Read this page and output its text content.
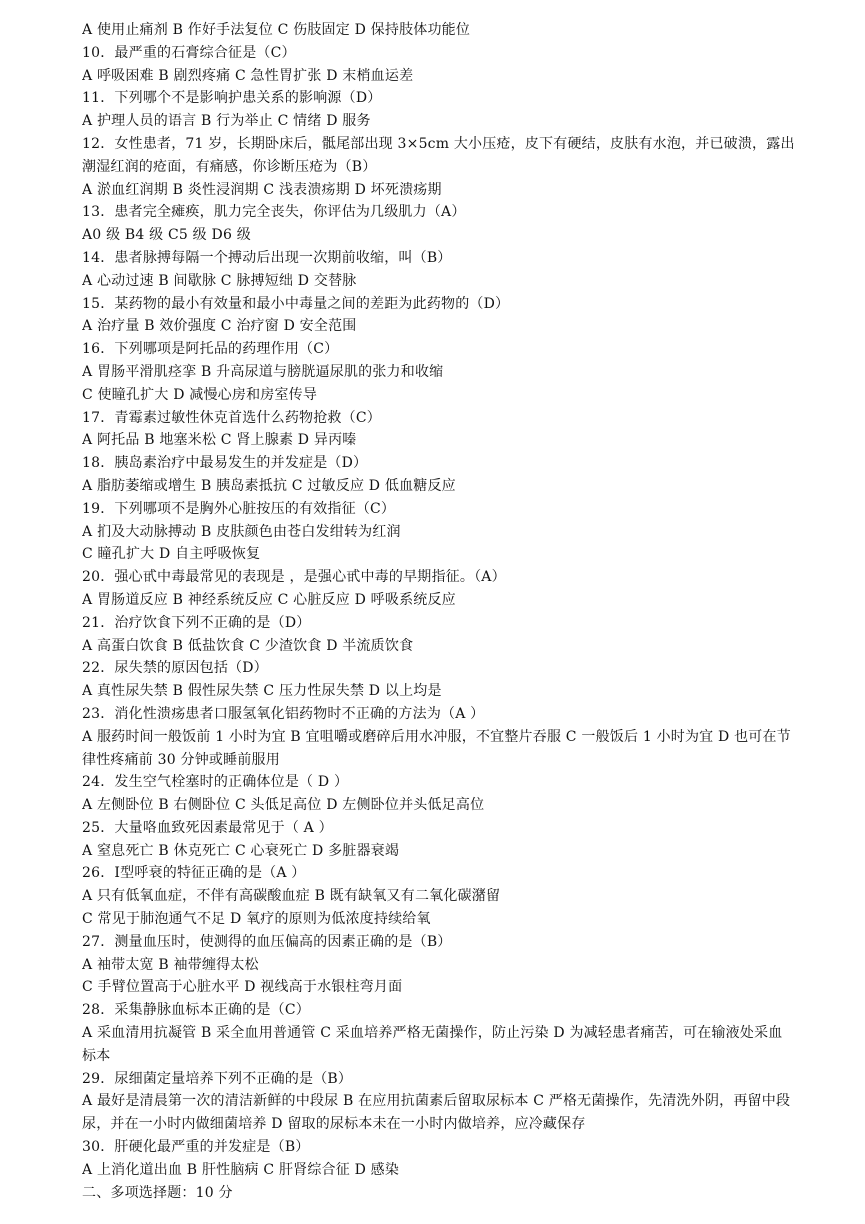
A 使用止痛剂 B 作好手法复位 C 伤肢固定 D 保持肢体功能位
10．最严重的石膏综合征是（C）
A 呼吸困难 B 剧烈疼痛 C 急性胃扩张 D 末梢血运差
11．下列哪个不是影响护患关系的影响源（D）
A 护理人员的语言 B 行为举止 C 情绪 D 服务
12．女性患者，71 岁，长期卧床后，骶尾部出现 3×5cm 大小压疮，皮下有硬结，皮肤有水泡，并已破溃，露出潮湿红润的疮面，有痛感，你诊断压疮为（B）
A 淤血红润期 B 炎性浸润期 C 浅表溃疡期 D 坏死溃疡期
13．患者完全瘫痪，肌力完全丧失，你评估为几级肌力（A）
A0 级 B4 级 C5 级 D6 级
14．患者脉搏每隔一个搏动后出现一次期前收缩，叫（B）
A 心动过速 B 间歇脉 C 脉搏短绌 D 交替脉
15．某药物的最小有效量和最小中毒量之间的差距为此药物的（D）
A 治疗量 B 效价强度 C 治疗窗 D 安全范围
16．下列哪项是阿托品的药理作用（C）
A 胃肠平滑肌痉挛 B 升高尿道与膀胱逼尿肌的张力和收缩
C 使瞳孔扩大 D 减慢心房和房室传导
17．青霉素过敏性休克首选什么药物抢救（C）
A 阿托品 B 地塞米松 C 肾上腺素 D 异丙嗪
18．胰岛素治疗中最易发生的并发症是（D）
A 脂肪萎缩或增生 B 胰岛素抵抗 C 过敏反应 D 低血糖反应
19．下列哪项不是胸外心脏按压的有效指征（C）
A 扪及大动脉搏动 B 皮肤颜色由苍白发绀转为红润
C 瞳孔扩大 D 自主呼吸恢复
20．强心甙中毒最常见的表现是 ，是强心甙中毒的早期指征。（A）
A 胃肠道反应 B 神经系统反应 C 心脏反应 D 呼吸系统反应
21．治疗饮食下列不正确的是（D）
A 高蛋白饮食 B 低盐饮食 C 少渣饮食 D 半流质饮食
22．尿失禁的原因包括（D）
A 真性尿失禁 B 假性尿失禁 C 压力性尿失禁 D 以上均是
23．消化性溃疡患者口服氢氧化铝药物时不正确的方法为（A ）
A 服药时间一般饭前 1 小时为宜 B 宜咀嚼或磨碎后用水冲服，不宜整片吞服 C 一般饭后 1 小时为宜 D 也可在节律性疼痛前 30 分钟或睡前服用
24．发生空气栓塞时的正确体位是（ D ）
A 左侧卧位 B 右侧卧位 C 头低足高位 D 左侧卧位并头低足高位
25．大量咯血致死因素最常见于（ A ）
A 窒息死亡 B 休克死亡 C 心衰死亡 D 多脏器衰竭
26．Ⅰ型呼衰的特征正确的是（A ）
A 只有低氧血症，不伴有高碳酸血症 B 既有缺氧又有二氧化碳潴留
C 常见于肺泡通气不足 D 氧疗的原则为低浓度持续给氧
27．测量血压时，使测得的血压偏高的因素正确的是（B）
A 袖带太宽 B 袖带缠得太松
C 手臂位置高于心脏水平 D 视线高于水银柱弯月面
28．采集静脉血标本正确的是（C）
A 采血清用抗凝管 B 采全血用普通管 C 采血培养严格无菌操作，防止污染 D 为减轻患者痛苦，可在输液处采血标本
29．尿细菌定量培养下列不正确的是（B）
A 最好是清晨第一次的清洁新鲜的中段尿 B 在应用抗菌素后留取尿标本 C 严格无菌操作，先清洗外阴，再留中段尿，并在一小时内做细菌培养 D 留取的尿标本未在一小时内做培养，应冷藏保存
30．肝硬化最严重的并发症是（B）
A 上消化道出血 B 肝性脑病 C 肝肾综合征 D 感染
二、多项选择题：10 分
